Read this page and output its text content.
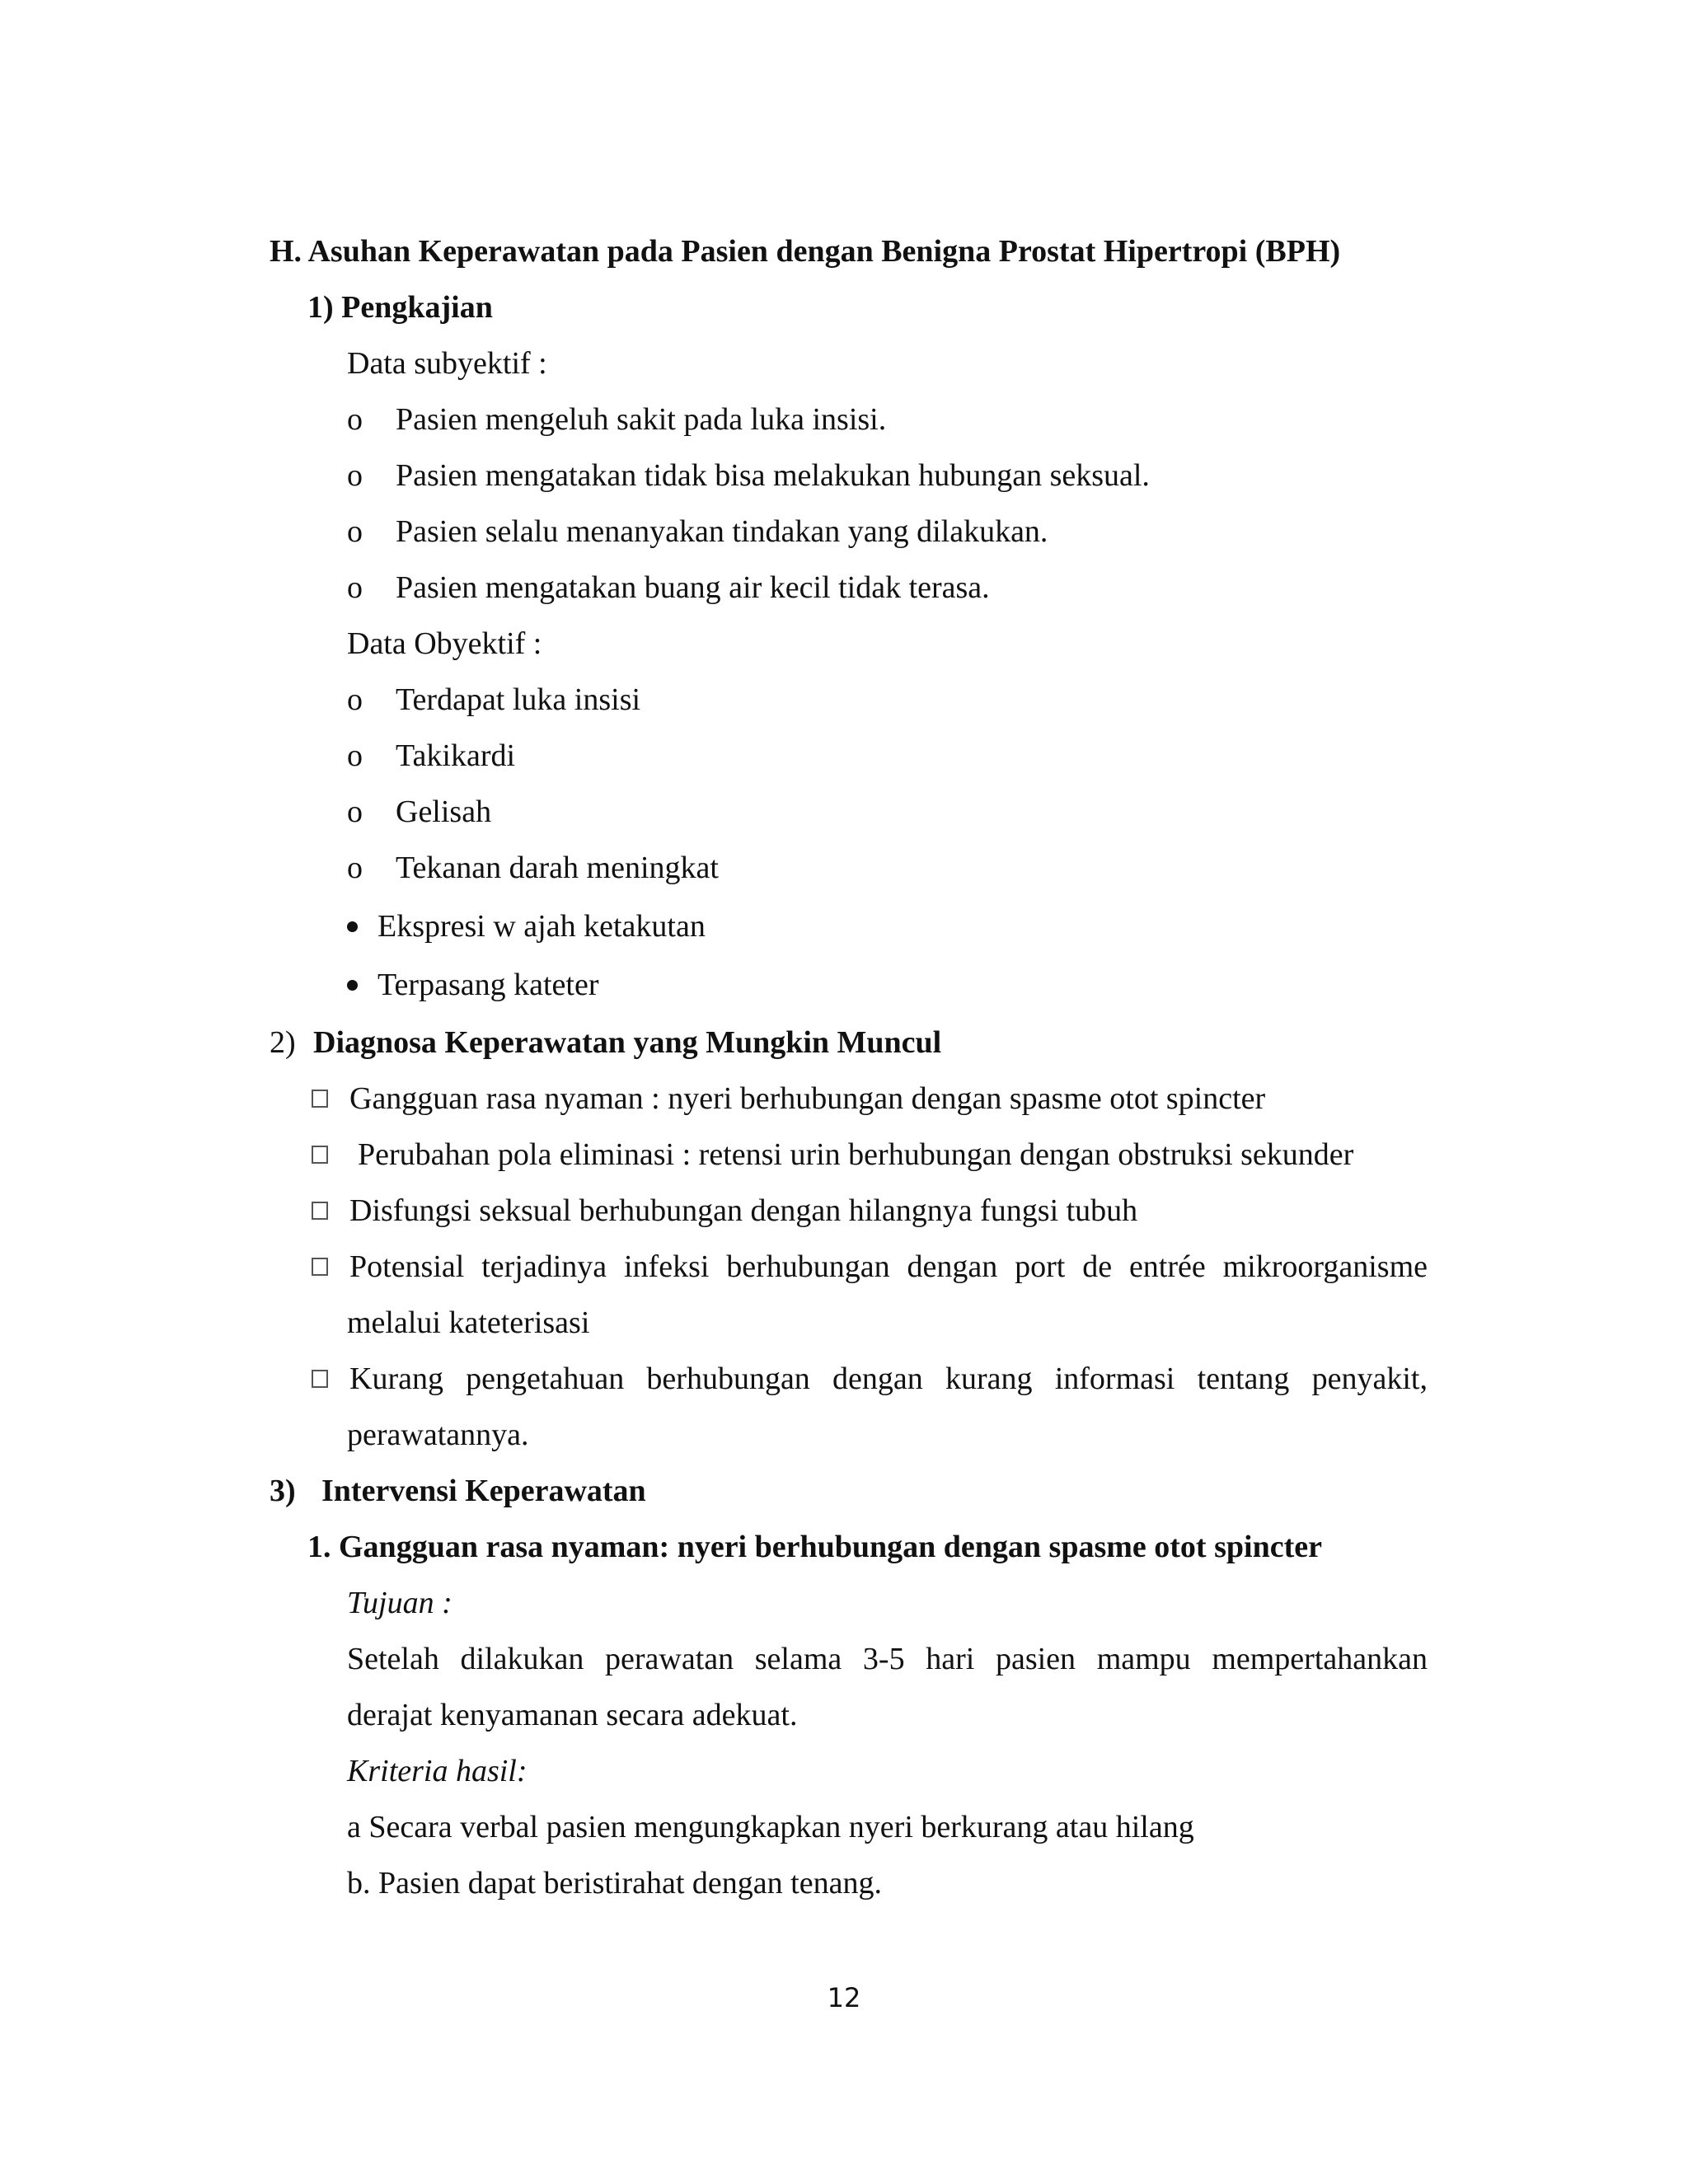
H. Asuhan Keperawatan pada Pasien dengan Benigna Prostat Hipertropi (BPH)
1) Pengkajian
Data subyektif :
o Pasien mengeluh sakit pada luka insisi.
o Pasien mengatakan tidak bisa melakukan hubungan seksual.
o Pasien selalu menanyakan tindakan yang dilakukan.
o Pasien mengatakan buang air kecil tidak terasa.
Data Obyektif :
o Terdapat luka insisi
o Takikardi
o Gelisah
o Tekanan darah meningkat
Ekspresi w ajah ketakutan
Terpasang kateter
2) Diagnosa Keperawatan yang Mungkin Muncul
Gangguan rasa nyaman : nyeri berhubungan dengan spasme otot spincter
Perubahan pola eliminasi : retensi urin berhubungan dengan obstruksi sekunder
Disfungsi seksual berhubungan dengan hilangnya fungsi tubuh
Potensial terjadinya infeksi berhubungan dengan port de entrée mikroorganisme
melalui kateterisasi
Kurang pengetahuan berhubungan dengan kurang informasi tentang penyakit,
perawatannya.
3) Intervensi Keperawatan
1. Gangguan rasa nyaman: nyeri berhubungan dengan spasme otot spincter
Tujuan :
Setelah dilakukan perawatan selama 3-5 hari pasien mampu mempertahankan
derajat kenyamanan secara adekuat.
Kriteria hasil:
a Secara verbal pasien mengungkapkan nyeri berkurang atau hilang
b. Pasien dapat beristirahat dengan tenang.
12
